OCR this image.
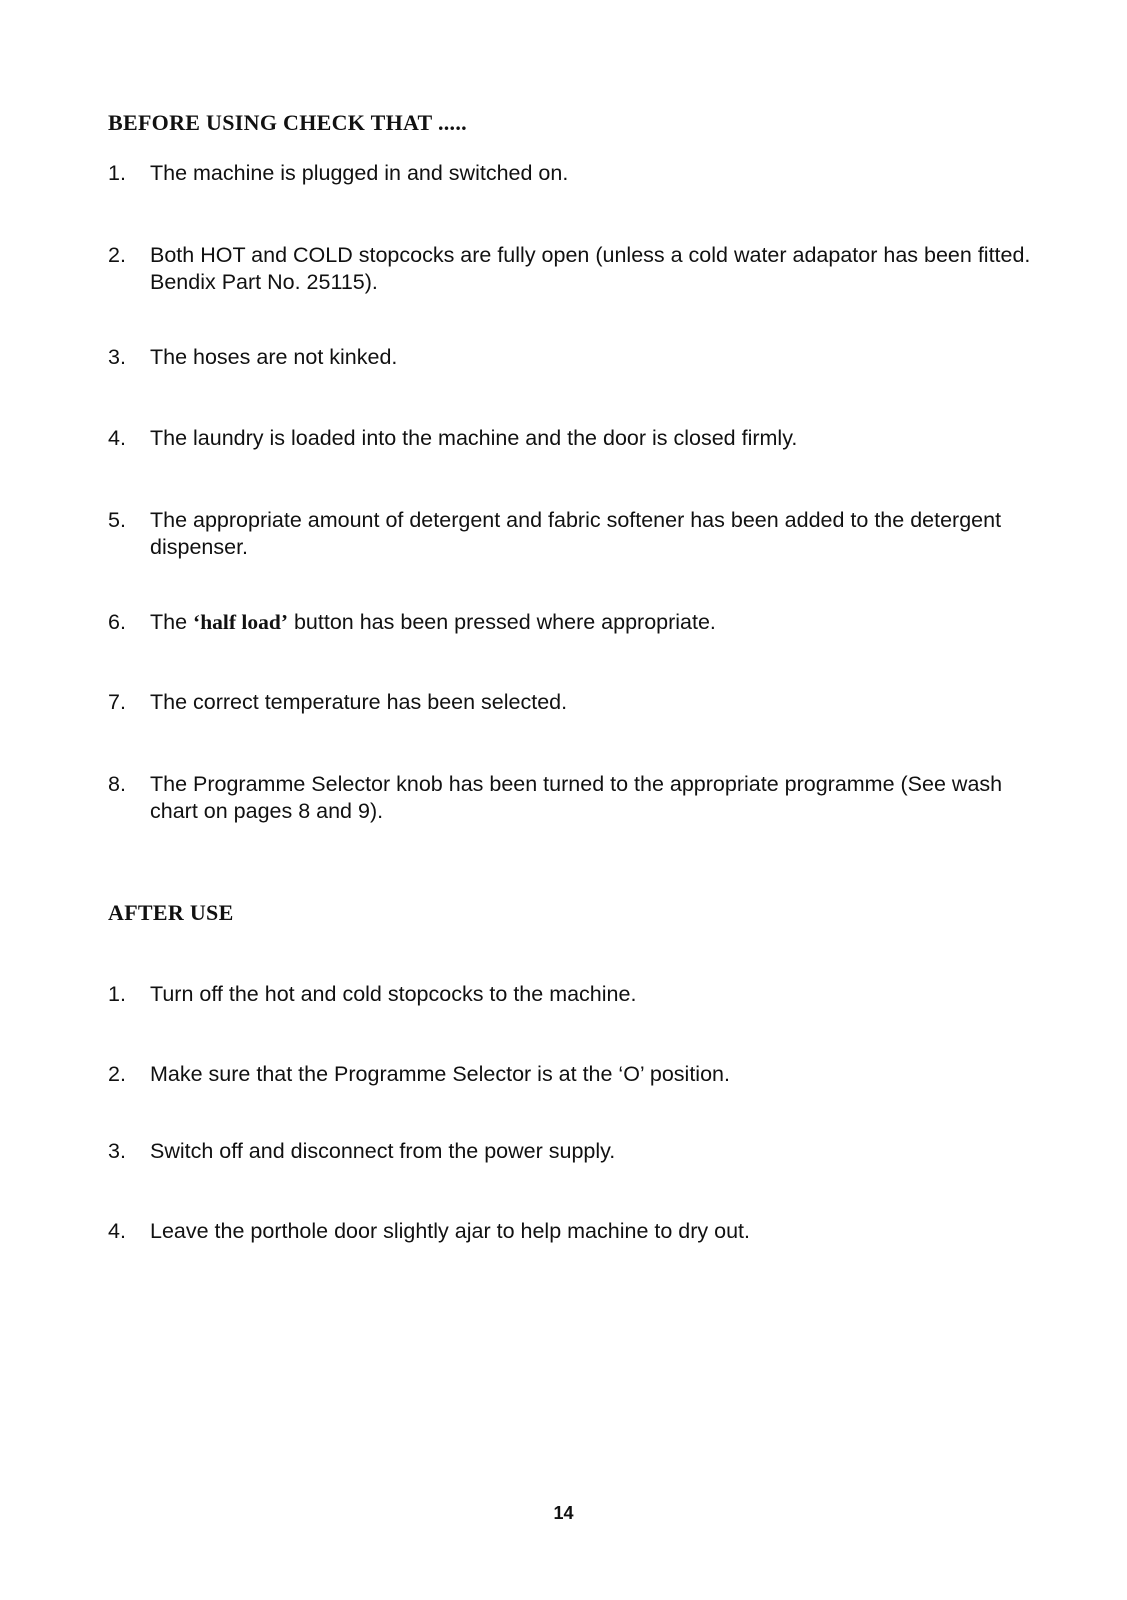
BEFORE USING CHECK THAT .....
1.	The machine is plugged in and switched on.
2.	Both HOT and COLD stopcocks are fully open (unless a cold water adapator has been fitted. Bendix Part No. 25115).
3.	The hoses are not kinked.
4.	The laundry is loaded into the machine and the door is closed firmly.
5.	The appropriate amount of detergent and fabric softener has been added to the detergent dispenser.
6.	The ‘half load’ button has been pressed where appropriate.
7.	The correct temperature has been selected.
8.	The Programme Selector knob has been turned to the appropriate programme (See wash chart on pages 8 and 9).
AFTER USE
1.	Turn off the hot and cold stopcocks to the machine.
2.	Make sure that the Programme Selector is at the ‘O’ position.
3.	Switch off and disconnect from the power supply.
4.	Leave the porthole door slightly ajar to help machine to dry out.
14
